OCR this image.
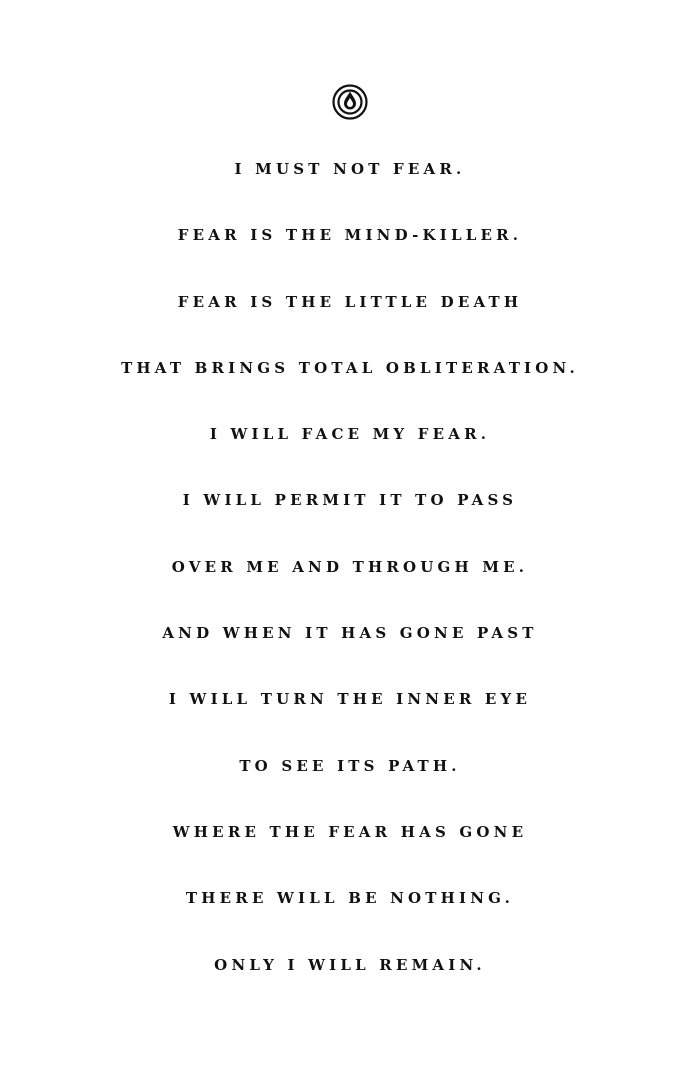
I MUST NOT FEAR.
FEAR IS THE MIND-KILLER.
FEAR IS THE LITTLE DEATH
THAT BRINGS TOTAL OBLITERATION.
I WILL FACE MY FEAR.
I WILL PERMIT IT TO PASS
OVER ME AND THROUGH ME.
AND WHEN IT HAS GONE PAST
I WILL TURN THE INNER EYE
TO SEE ITS PATH.
WHERE THE FEAR HAS GONE
THERE WILL BE NOTHING.
ONLY I WILL REMAIN.
